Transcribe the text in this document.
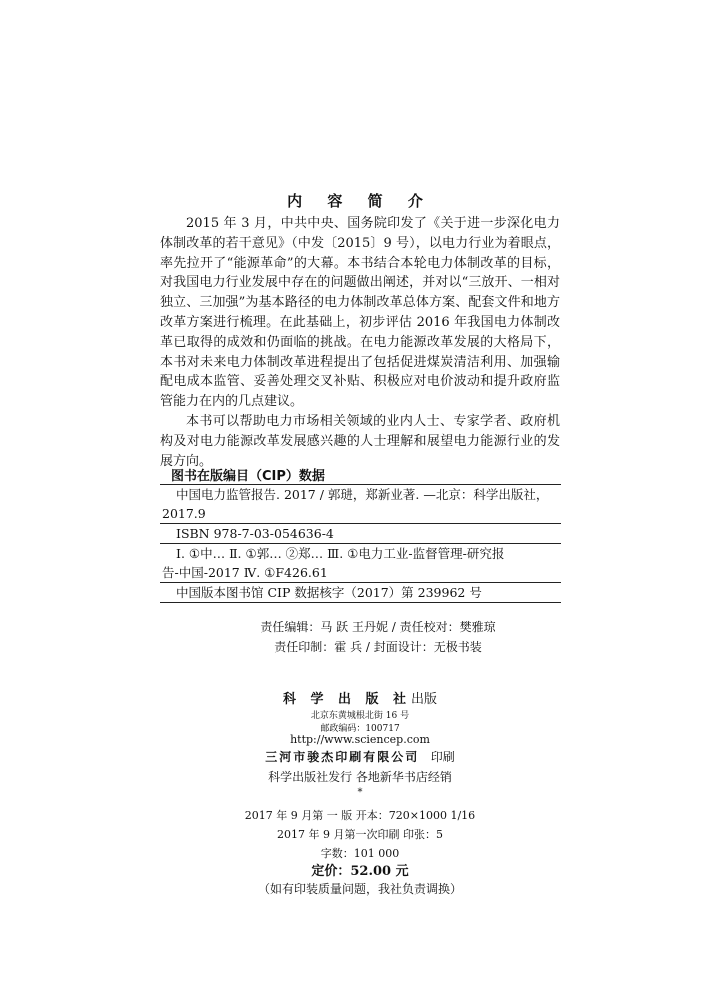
内 容 简 介

2015 年 3 月，中共中央、国务院印发了《关于进一步深化电力体制改革的若干意见》（中发〔2015〕9 号），以电力行业为着眼点，率先拉开了“能源革命”的大幕。本书结合本轮电力体制改革的目标，对我国电力行业发展中存在的问题做出阐述，并对以“三放开、一相对独立、三加强”为基本路径的电力体制改革总体方案、配套文件和地方改革方案进行梳理。在此基础上，初步评估 2016 年我国电力体制改革已取得的成效和仍面临的挑战。在电力能源改革发展的大格局下，本书对未来电力体制改革进程提出了包括促进煤炭清洁利用、加强输配电成本监管、妥善处理交叉补贴、积极应对电价波动和提升政府监管能力在内的几点建议。

本书可以帮助电力市场相关领域的业内人士、专家学者、政府机构及对电力能源改革发展感兴趣的人士理解和展望电力能源行业的发展方向。

图书在版编目（CIP）数据
中国电力监管报告. 2017 / 郭琎，郑新业著. —北京：科学出版社，
2017.9
ISBN 978-7-03-054636-4
Ⅰ. ①中… Ⅱ. ①郭… ②郑… Ⅲ. ①电力工业-监督管理-研究报
告-中国-2017 Ⅳ. ①F426.61
中国版本图书馆 CIP 数据核字（2017）第 239962 号
责任编辑：马 跃 王丹妮 / 责任校对：樊雅琼
责任印制：霍 兵 / 封面设计：无极书装
科 学 出 版 社出版
北京东黄城根北街 16 号
邮政编码：100717
http://www.sciencep.com
三河市骏杰印刷有限公司 印刷
科学出版社发行 各地新华书店经销
*
2017 年 9 月第 一 版 开本：720×1000 1/16
2017 年 9 月第一次印刷 印张：5
字数：101 000
定价：52.00 元
（如有印装质量问题，我社负责调换）
